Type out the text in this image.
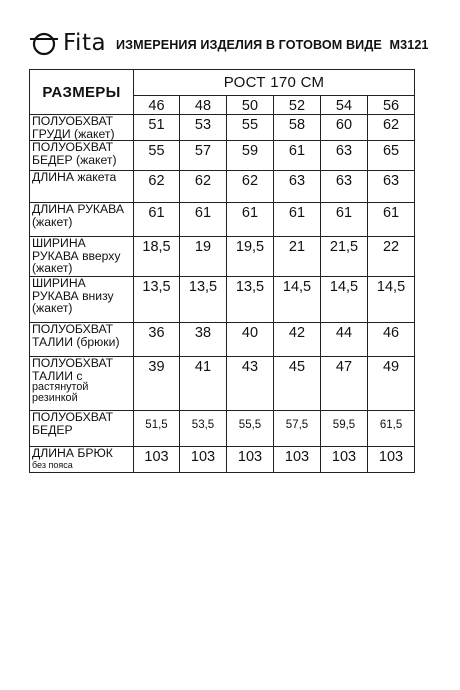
Fita ИЗМЕРЕНИЯ ИЗДЕЛИЯ В ГОТОВОМ ВИДЕ М3121
РАЗМЕРЫ	РОСТ 170 СМ					
	46	48	50	52	54	56

ПОЛУОБХВАТ
ГРУДИ (жакет)	51	53	55	58	60	62

ПОЛУОБХВАТ
БЕДЕР (жакет)	55	57	59	61	63	65

ДЛИНА жакета	62	62	62	63	63	63

ДЛИНА РУКАВА
(жакет)	61	61	61	61	61	61

ШИРИНА
РУКАВА вверху
(жакет)	18,5	19	19,5	21	21,5	22

ШИРИНА
РУКАВА внизу
(жакет)	13,5	13,5	13,5	14,5	14,5	14,5

ПОЛУОБХВАТ
ТАЛИИ (брюки)	36	38	40	42	44	46

ПОЛУОБХВАТ
ТАЛИИ с
растянутой
резинкой	39	41	43	45	47	49

ПОЛУОБХВАТ
БЕДЕР	51,5	53,5	55,5	57,5	59,5	61,5

ДЛИНА БРЮК
без пояса	103	103	103	103	103	103
